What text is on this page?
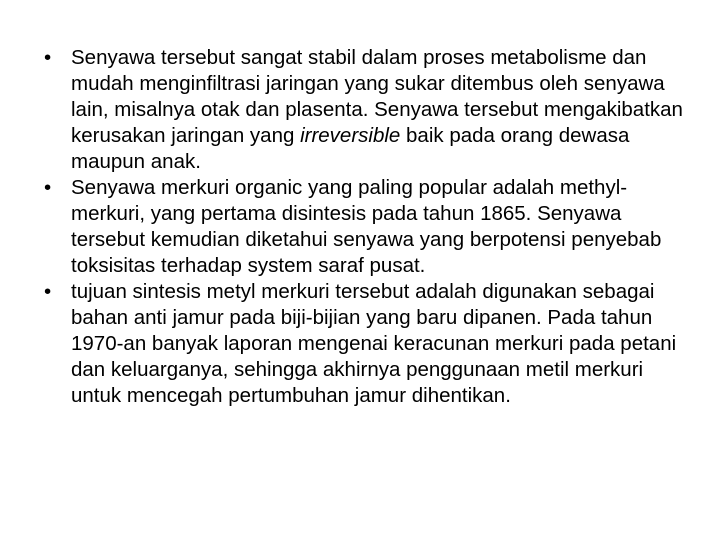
• Senyawa tersebut sangat stabil dalam proses metabolisme dan mudah menginfiltrasi jaringan yang sukar ditembus oleh senyawa lain, misalnya otak dan plasenta. Senyawa tersebut mengakibatkan kerusakan jaringan yang irreversible baik pada orang dewasa maupun anak.
• Senyawa merkuri organic yang paling popular adalah methyl-merkuri, yang pertama disintesis pada tahun 1865. Senyawa tersebut kemudian diketahui senyawa yang berpotensi penyebab toksisitas terhadap system saraf pusat.
• tujuan sintesis metyl merkuri tersebut adalah digunakan sebagai bahan anti jamur pada biji-bijian yang baru dipanen. Pada tahun 1970-an banyak laporan mengenai keracunan merkuri pada petani dan keluarganya, sehingga akhirnya penggunaan metil merkuri untuk mencegah pertumbuhan jamur dihentikan.
